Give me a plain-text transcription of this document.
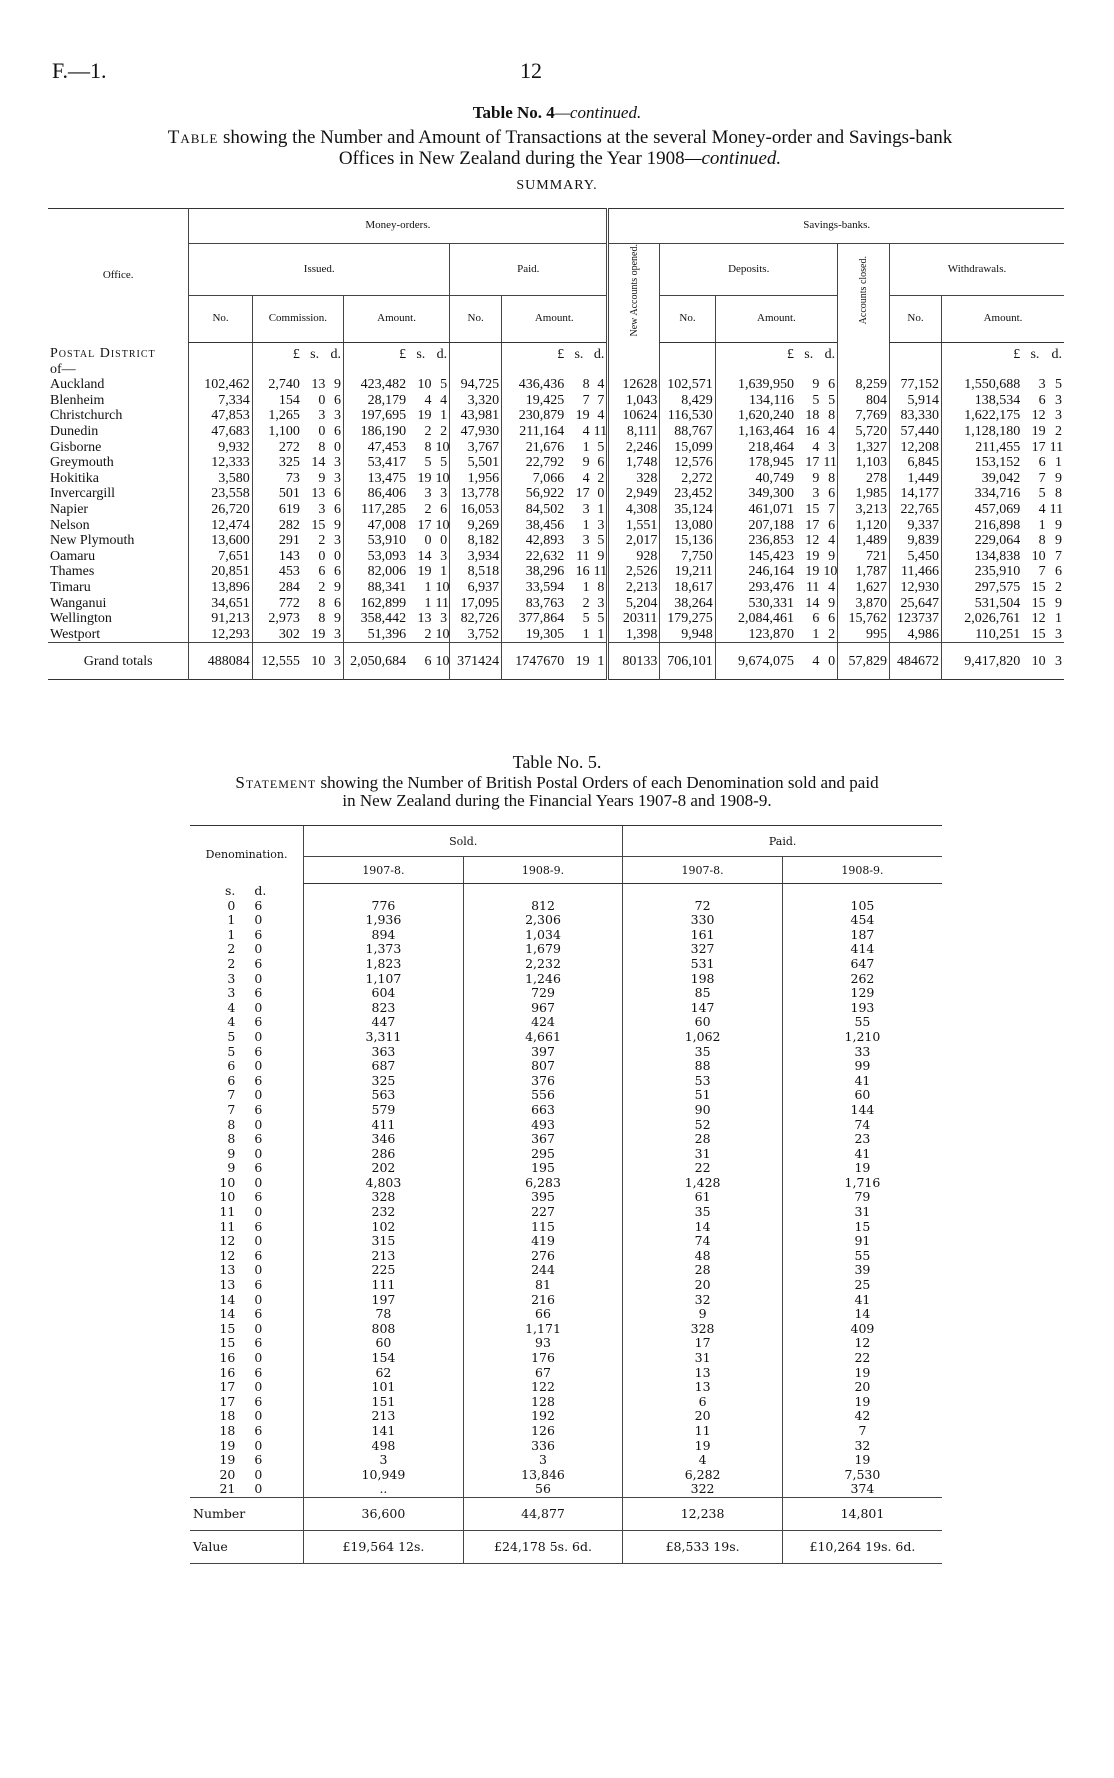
F.—1.	12
Table No. 4—continued.
Table showing the Number and Amount of Transactions at the several Money-order and Savings-bank
Offices in New Zealand during the Year 1908—continued.
SUMMARY.
Office.	Money-orders.											Savings-banks.									
	Issued.							Paid.				New Accounts opened.	Deposits.				Accounts closed.	Withdrawals.			
	No.	Commission.			Amount.			No.	Amount.				No.	Amount.				No.	Amount.		
Postal District
of—		£	s.	d.	£	s.	d.		£	s.	d.			£	s.	d.			£	s.	d.
Auckland	102,462	2,740	13	9	423,482	10	5	94,725	436,436	8	4	12628	102,571	1,639,950	9	6	8,259	77,152	1,550,688	3	5
Blenheim	7,334	154	0	6	28,179	4	4	3,320	19,425	7	7	1,043	8,429	134,116	5	5	804	5,914	138,534	6	3
Christchurch	47,853	1,265	3	3	197,695	19	1	43,981	230,879	19	4	10624	116,530	1,620,240	18	8	7,769	83,330	1,622,175	12	3
Dunedin	47,683	1,100	0	6	186,190	2	2	47,930	211,164	4	11	8,111	88,767	1,163,464	16	4	5,720	57,440	1,128,180	19	2
Gisborne	9,932	272	8	0	47,453	8	10	3,767	21,676	1	5	2,246	15,099	218,464	4	3	1,327	12,208	211,455	17	11
Greymouth	12,333	325	14	3	53,417	5	5	5,501	22,792	9	6	1,748	12,576	178,945	17	11	1,103	6,845	153,152	6	1
Hokitika	3,580	73	9	3	13,475	19	10	1,956	7,066	4	2	328	2,272	40,749	9	8	278	1,449	39,042	7	9
Invercargill	23,558	501	13	6	86,406	3	3	13,778	56,922	17	0	2,949	23,452	349,300	3	6	1,985	14,177	334,716	5	8
Napier	26,720	619	3	6	117,285	2	6	16,053	84,502	3	1	4,308	35,124	461,071	15	7	3,213	22,765	457,069	4	11
Nelson	12,474	282	15	9	47,008	17	10	9,269	38,456	1	3	1,551	13,080	207,188	17	6	1,120	9,337	216,898	1	9
New Plymouth	13,600	291	2	3	53,910	0	0	8,182	42,893	3	5	2,017	15,136	236,853	12	4	1,489	9,839	229,064	8	9
Oamaru	7,651	143	0	0	53,093	14	3	3,934	22,632	11	9	928	7,750	145,423	19	9	721	5,450	134,838	10	7
Thames	20,851	453	6	6	82,006	19	1	8,518	38,296	16	11	2,526	19,211	246,164	19	10	1,787	11,466	235,910	7	6
Timaru	13,896	284	2	9	88,341	1	10	6,937	33,594	1	8	2,213	18,617	293,476	11	4	1,627	12,930	297,575	15	2
Wanganui	34,651	772	8	6	162,899	1	11	17,095	83,763	2	3	5,204	38,264	530,331	14	9	3,870	25,647	531,504	15	9
Wellington	91,213	2,973	8	9	358,442	13	3	82,726	377,864	5	5	20311	179,275	2,084,461	6	6	15,762	123737	2,026,761	12	1
Westport	12,293	302	19	3	51,396	2	10	3,752	19,305	1	1	1,398	9,948	123,870	1	2	995	4,986	110,251	15	3
Grand totals	488084	12,555	10	3	2,050,684	6	10	371424	1747670	19	1	80133	706,101	9,674,075	4	0	57,829	484672	9,417,820	10	3
Table No. 5.
Statement showing the Number of British Postal Orders of each Denomination sold and paid
in New Zealand during the Financial Years 1907-8 and 1908-9.
Denomination.		Sold.		Paid.	
		1907-8.	1908-9.	1907-8.	1908-9.
s.	d.				
0	6	776	812	72	105
1	0	1,936	2,306	330	454
1	6	894	1,034	161	187
2	0	1,373	1,679	327	414
2	6	1,823	2,232	531	647
3	0	1,107	1,246	198	262
3	6	604	729	85	129
4	0	823	967	147	193
4	6	447	424	60	55
5	0	3,311	4,661	1,062	1,210
5	6	363	397	35	33
6	0	687	807	88	99
6	6	325	376	53	41
7	0	563	556	51	60
7	6	579	663	90	144
8	0	411	493	52	74
8	6	346	367	28	23
9	0	286	295	31	41
9	6	202	195	22	19
10	0	4,803	6,283	1,428	1,716
10	6	328	395	61	79
11	0	232	227	35	31
11	6	102	115	14	15
12	0	315	419	74	91
12	6	213	276	48	55
13	0	225	244	28	39
13	6	111	81	20	25
14	0	197	216	32	41
14	6	78	66	9	14
15	0	808	1,171	328	409
15	6	60	93	17	12
16	0	154	176	31	22
16	6	62	67	13	19
17	0	101	122	13	20
17	6	151	128	6	19
18	0	213	192	20	42
18	6	141	126	11	7
19	0	498	336	19	32
19	6	3	3	4	19
20	0	10,949	13,846	6,282	7,530
21	0	..	56	322	374
Number		36,600	44,877	12,238	14,801
Value		£19,564 12s.	£24,178 5s. 6d.	£8,533 19s.	£10,264 19s. 6d.
